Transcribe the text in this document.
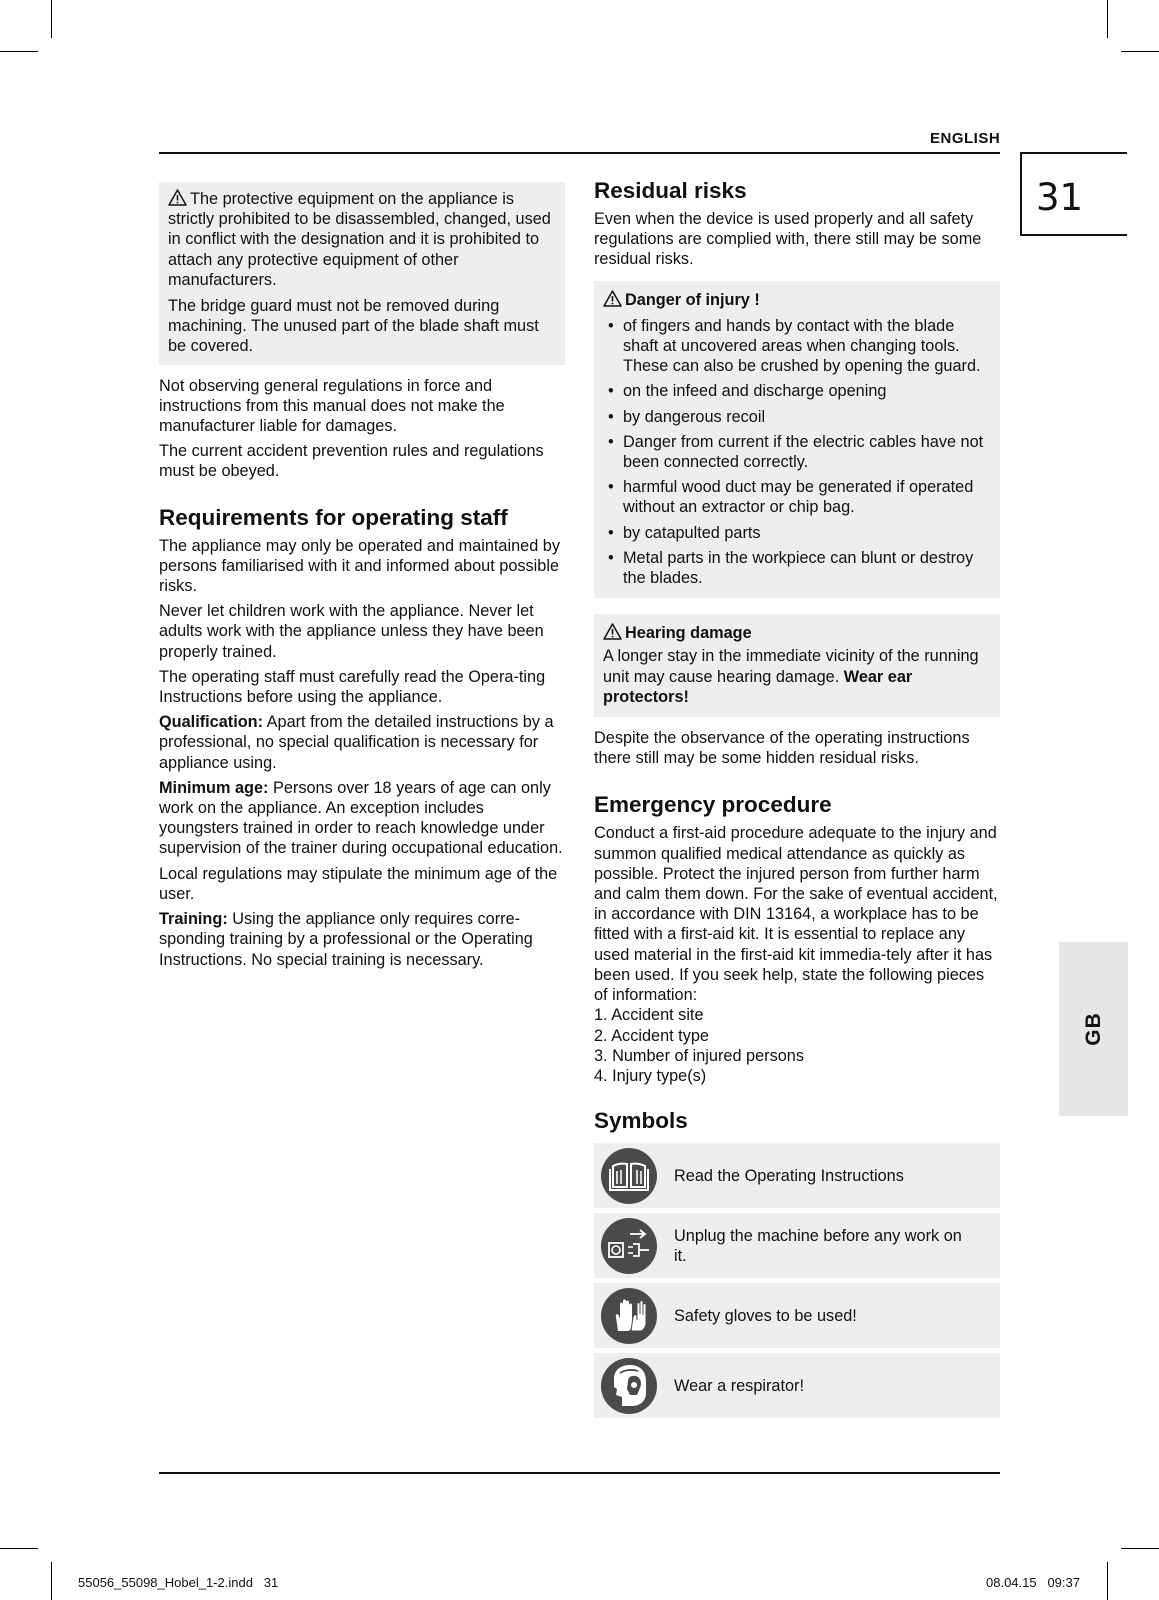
ENGLISH
31
GB

The protective equipment on the appliance is strictly prohibited to be disassembled, changed, used in conflict with the designation and it is prohibited to attach any protective equipment of other manufacturers.

The bridge guard must not be removed during machining. The unused part of the blade shaft must be covered.

Not observing general regulations in force and instructions from this manual does not make the manufacturer liable for damages.

The current accident prevention rules and regulations must be obeyed.

Requirements for operating staff

The appliance may only be operated and maintained by persons familiarised with it and informed about possible risks.

Never let children work with the appliance. Never let adults work with the appliance unless they have been properly trained.

The operating staff must carefully read the Opera-ting Instructions before using the appliance.

Qualification: Apart from the detailed instructions by a professional, no special qualification is necessary for appliance using.

Minimum age: Persons over 18 years of age can only work on the appliance. An exception includes youngsters trained in order to reach knowledge under supervision of the trainer during occupational education.

Local regulations may stipulate the minimum age of the user.

Training: Using the appliance only requires corre-sponding training by a professional or the Operating Instructions. No special training is necessary.

Residual risks

Even when the device is used properly and all safety regulations are complied with, there still may be some residual risks.

Danger of injury !
• of fingers and hands by contact with the blade shaft at uncovered areas when changing tools. These can also be crushed by opening the guard.
• on the infeed and discharge opening
• by dangerous recoil
• Danger from current if the electric cables have not been connected correctly.
• harmful wood duct may be generated if operated without an extractor or chip bag.
• by catapulted parts
• Metal parts in the workpiece can blunt or destroy the blades.
Hearing damage
A longer stay in the immediate vicinity of the running unit may cause hearing damage. Wear ear protectors!

Despite the observance of the operating instructions there still may be some hidden residual risks.

Emergency procedure

Conduct a first-aid procedure adequate to the injury and summon qualified medical attendance as quickly as possible. Protect the injured person from further harm and calm them down. For the sake of eventual accident, in accordance with DIN 13164, a workplace has to be fitted with a first-aid kit. It is essential to replace any used material in the first-aid kit immedia-tely after it has been used. If you seek help, state the following pieces of information:

1. Accident site
2. Accident type
3. Number of injured persons
4. Injury type(s)
Symbols
Read the Operating Instructions
Unplug the machine before any work on it.
Safety gloves to be used!
Wear a respirator!
55056_55098_Hobel_1-2.indd   31	08.04.15   09:37
